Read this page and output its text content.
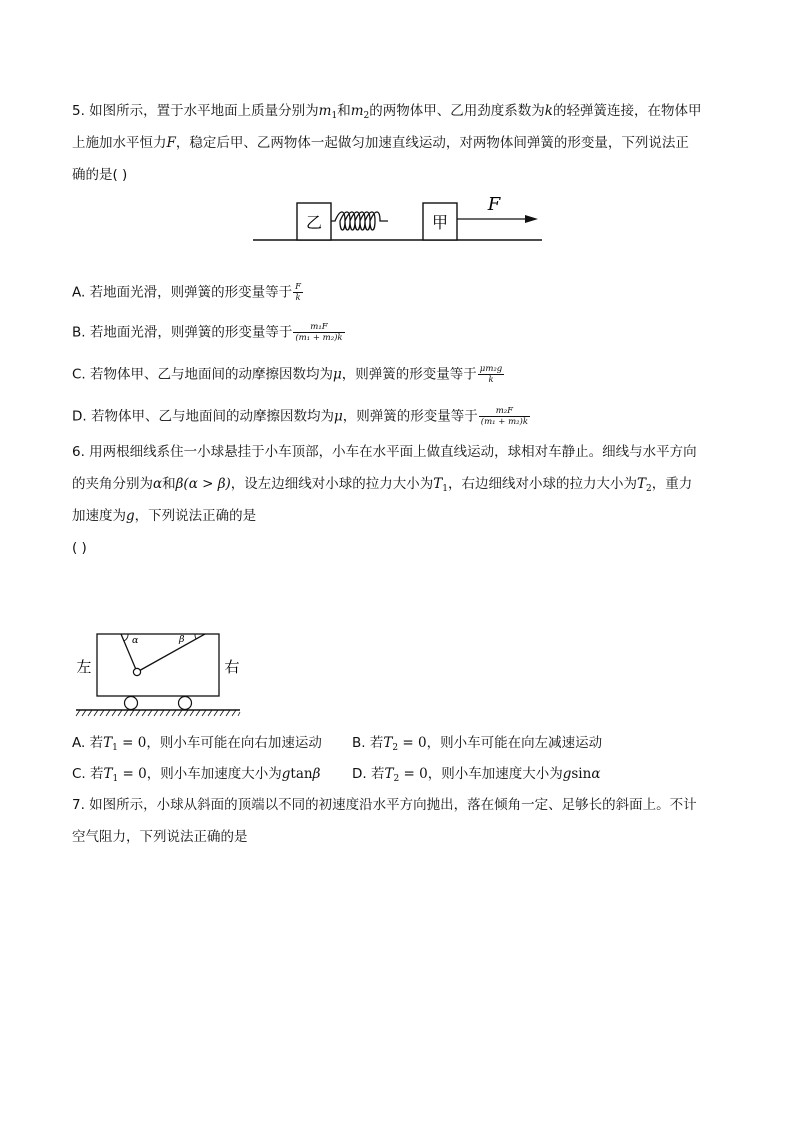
5. 如图所示，置于水平地面上质量分别为$m_1$和$m_2$的两物体甲、乙用劲度系数为k的轻弹簧连接，在物体甲
上施加水平恒力F，稳定后甲、乙两物体一起做匀加速直线运动，对两物体间弹簧的形变量，下列说法正
确的是( )
乙	甲
F
A. 若地面光滑，则弹簧的形变量等于 $\frac{F}{k}$
B. 若地面光滑，则弹簧的形变量等于 $\frac{\text{m₁F}}{\text{(m₁ + m₂)k}}$
C. 若物体甲、乙与地面间的动摩擦因数均为μ，则弹簧的形变量等于 $\frac{\text{μm₂g}}{k}$
D. 若物体甲、乙与地面间的动摩擦因数均为μ，则弹簧的形变量等于 $\frac{\text{m₂F}}{\text{(m₁ + m₂)k}}$
6. 用两根细线系住一小球悬挂于小车顶部，小车在水平面上做直线运动，球相对车静止。细线与水平方向
的夹角分别为α和β(α > β)，设左边细线对小球的拉力大小为$T_1$，右边细线对小球的拉力大小为$T_2$，重力
加速度为g，下列说法正确的是
( )
左	右
α	β
A. 若$T_1 = 0$，则小车可能在向右加速运动 B. 若$T_2 = 0$，则小车可能在向左减速运动
C. 若$T_1 = 0$，则小车加速度大小为gtanβ D. 若$T_2 = 0$，则小车加速度大小为gsinα
7. 如图所示，小球从斜面的顶端以不同的初速度沿水平方向抛出，落在倾角一定、足够长的斜面上。不计
空气阻力，下列说法正确的是
